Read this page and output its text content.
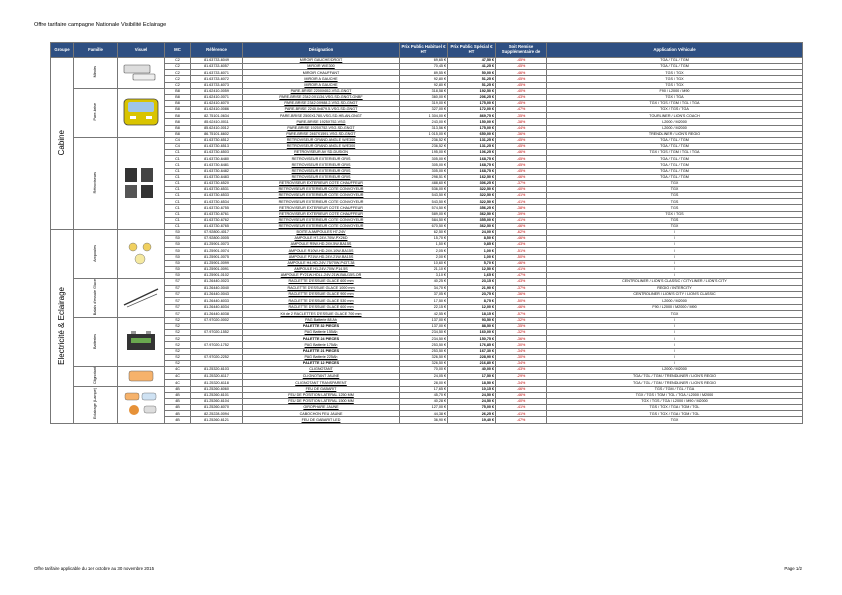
Offre tarifaire campagne Nationale Visibilité Eclairage
Groupe	Famille	Visuel	MC	Référence	Désignation	Prix Public Habituel € HT	Prix Public Spécial € HT	Soit Remise Supplémentaire de	Application Véhicule
Cabine	Miroirs		C2	81.63733-6049	MIROIR GAUCHE/DROIT	69,65 €	47,50 €	-45%	TGA / TGL / TGM
			C2	81.63733-6057	MIROIR W/E300	70,45 €	41,25 €	-45%	TGA / TGL / TGM
			C2	81.63733-6071	MIROIR CHAUFFANT	89,55 €	50,00 €	-46%	TGS / TGX
			C2	81.63733-6072	MIROIR A GAUCHE	92,80 €	51,25 €	-45%	TGS / TGX
			C2	81.63733-6073	MIROIR A GAUCHE	92,80 €	51,25 €	-45%	TGS / TGX
	Pare-brise		B8	81.62410-0059	PARE-BRISE 2200X652-VSG-GNGT	318,58 €	192,50 €	-40%	F90 / L2000 / M90
			B8	81.62410-0071	PARE-BRISE 2342.0X1134-VSG-SD-GNGT-GNBF	360,00 €	206,25 €	-43%	TGX / TGA
			B8	81.62410-6070	PARE-BRISE 2342.0X988.2-VSG-SD-GNGT	319,00 €	175,00 €	-45%	TGX / TGS / TGM / TGL / TGA
			B8	81.62410-0086	PARE-BRISE 2240.0x879.5-VSG-SD-GNGT	327,00 €	172,00 €	-47%	TGX / TGS / TGA
			B8	82.75101-0634	PARE-BRISE 2500X1780-VSG-SD-HB-AN-GNGT	1 304,00 €	869,75 €	-35%	TOURLINER / LION'S COACH
			B8	85.62410-0011	PARE-BRISE 1925X752-VSG	243,00 €	150,00 €	-38%	L2000 / M2000
			B8	85.62410-0012	PARE-BRISE 1925X752-VSG-SD-GNGT	313,56 €	175,00 €	-44%	L2000 / M2000
			B8	86.75101-6602	PARE-BRISE 2467X1591-VSG-SD-GNGT	1 015,00 €	650,00 €	-36%	TRENDLINER / LION'S REGIO
	Rétroviseurs		C4	81.63730-6512	RETROVISEUR GRAND ANGLE W/E300	236,52 €	131,25 €	-45%	TGA / TGL / TGM
			C4	81.63730-6513	RETROVISEUR GRAND ANGLE W/E300	236,52 €	131,25 €	-45%	TGA / TGL / TGM
			C1	81.63730-6503	RETROVISEUR AV SD-DUSION	195,00 €	106,25 €	-46%	TGX / TGS / TGM / TGL / TGA
			C1	81.63730-6480	RETROVISEUR EXTERIEUR GRIS	305,00 €	168,75 €	-45%	TGA / TGL / TGM
			C1	81.63730-6481	RETROVISEUR EXTERIEUR GRIS	305,00 €	168,75 €	-45%	TGA / TGL / TGM
			C1	81.63730-6482	RETROVISEUR EXTERIEUR GRIS	305,00 €	168,75 €	-45%	TGA / TGL / TGM
			C1	81.63730-6483	RETROVISEUR EXTERIEUR GRIS	298,51 €	162,50 €	-46%	TGA / TGL / TGM
			C1	81.63730-6520	RETROVISEUR EXTERIEUR COTE CHAUFFEUR	488,60 €	306,25 €	-37%	TGX
			C1	81.63730-6531	RETROVISEUR EXTERIEUR COTE CONVOYEUR	536,00 €	322,50 €	-40%	TGX
			C1	81.63730-6533	RETROVISEUR EXTERIEUR COTE CONVOYEUR	543,50 €	322,50 €	-41%	TGS
			C1	81.63730-6534	RETROVISEUR EXTERIEUR COTE CONVOYEUR	543,50 €	322,50 €	-41%	TGS
			C1	81.63730-6755	RETROVISEUR EXTERIEUR COTE CHAUFFEUR	574,50 €	356,25 €	-38%	TGS
			C1	81.63730-6761	RETROVISEUR EXTERIEUR COTE CHAUFFEUR	589,00 €	362,50 €	-39%	TGX / TGS
			C1	81.63730-6762	RETROVISEUR EXTERIEUR COTE CONVOYEUR	584,50 €	355,00 €	-41%	TGS
			C1	81.63730-6765	RETROVISEUR EXTERIEUR COTE CONVOYEUR	670,50 €	362,50 €	-46%	TGX
Electricité & Eclairage	Ampoules		S0	07.92800-4017	BOITE A AMPOULES H7-24V	62,50 €	24,00 €	-62%	/
			S0	07.92800-0005	AMPOULE H7-24V-70W-PX26D	15,70 €	8,50 €	-46%	/
			S0	81.25901-0073	AMPOULE R5W-HD-24V-5W-BA15S	1,50 €	0,85 €	-43%	/
			S0	81.25901-0074	AMPOULE R10W-HD-24V-10W-BA15S	2,05 €	1,00 €	-51%	/
			S0	81.25901-0075	AMPOULE P21W-HD-24V-21W-BA15S	2,00 €	1,00 €	-50%	/
			S0	81.25901-0099	AMPOULE H4-HD-24V-75/70W-P43T-38	10,60 €	5,70 €	-46%	/
			S0	81.25901-0091	AMPOULE H1-24V-70W-P14.5S	21,10 €	12,50 €	-41%	/
			S0	81.25901-0102	AMPOULE PY21W-HDLL-24V-21W-BAU15S-OR	3,10 €	1,65 €	-47%	/
	Balais d'essuie Glace		S7	81.26440-0023	RACLETTE D'ESSUIE GLACE 600 mm	40,25 €	23,15 €	-43%	CENTROLINER / LION'S CLASSIC / CITYLINER / LION'S CITY
			S7	81.26440-0040	RACLETTE D'ESSUIE GLACE 1000 mm	34,70 €	21,90 €	-37%	REGIO / INTERCITY
			S7	81.26440-0043	RACLETTE D'ESSUIE GLACE 900 mm	37,05 €	23,75 €	-36%	CENTROLINER / LION'S CITY / LION'S CLASSIC
			S7	81.26440-6033	RACLETTE D'ESSUIE GLACE 530 mm	17,50 €	8,75 €	-50%	L2000 / M2000
			S7	81.26440-6034	RACLETTE D'ESSUIE GLACE 600 mm	22,15 €	12,00 €	-46%	F90 / L2000 / M2000 / M90
			S7	81.26440-6038	Kit de 2 RACLETTES D'ESSUIE GLACE 700 mm	42,55 €	18,15 €	-57%	TGX
	Batteries		S2	07.97020-0002	PAG Batterie 88 Ah	137,00 €	93,50 €	-32%	/
			S2		PALETTE 32 PIECES	137,00 €	88,50 €	-35%	/
			S2	07.97020-1552	PAG Batterie 155Ah	234,50 €	160,00 €	-32%	/
			S2		PALETTE 24 PIECES	234,50 €	150,75 €	-36%	/
			S2	07.97020-1752	PAG Batterie 175Ah	253,50 €	176,85 €	-30%	/
			S2		PALETTE 21 PIECES	253,50 €	167,30 €	-34%	/
			S2	07.97020-2252	PAG Batterie 225Ah	326,50 €	228,90 €	-30%	/
			S2		PALETTE 12 PIECES	326,50 €	216,80 €	-34%	/
	Clignotant		4C	81.25320-6103	CLIGNOTANT	70,00 €	40,00 €	-43%	L2000 / M2000
			4C	81.25320-6117	CLIGNOTANT JAUNE	24,05 €	17,50 €	-29%	TGA / TGL / TGM / TRENDLINER / LION'S REGIO
			4C	81.25320-6118	CLIGNOTANT TRANSPARENT	28,00 €	18,50 €	-34%	TGA / TGL / TGM / TRENDLINER / LION'S REGIO
	Eclairage (Lampe)		4B	81.25260-6060	FEU DE GABARIT	17,65 €	10,15 €	-46%	TGS / TGM / TGL / TGA
			4B	81.25260-6101	FEU DE POSITION LATERAL 1250 MM	45,70 €	24,50 €	-46%	TGX / TGS / TGM / TGL / TGA / L2000 / M2000
			4B	81.25260-6104	FEU DE POSITION LATERAL 1500 MM	40,28 €	24,50 €	-40%	TGX / TGS / TGA / L2000 / M90 / M2000
			4B	81.25260-6070	GIROPHARE JAUNE	127,00 €	75,00 €	-41%	TGS / TGX / TGA / TGM / TGL
			4B	82.25228-0094	CABOCHON FEU JAUNE	44,38 €	26,25 €	-41%	TGS / TGX / TGA / TGM / TGL
			4B	81.25260-6121	FEU DE GABARIT LED	36,90 €	19,40 €	-47%	TGX
Offre tarifaire applicable du 1er octobre au 30 novembre 2015	Page 1/2
